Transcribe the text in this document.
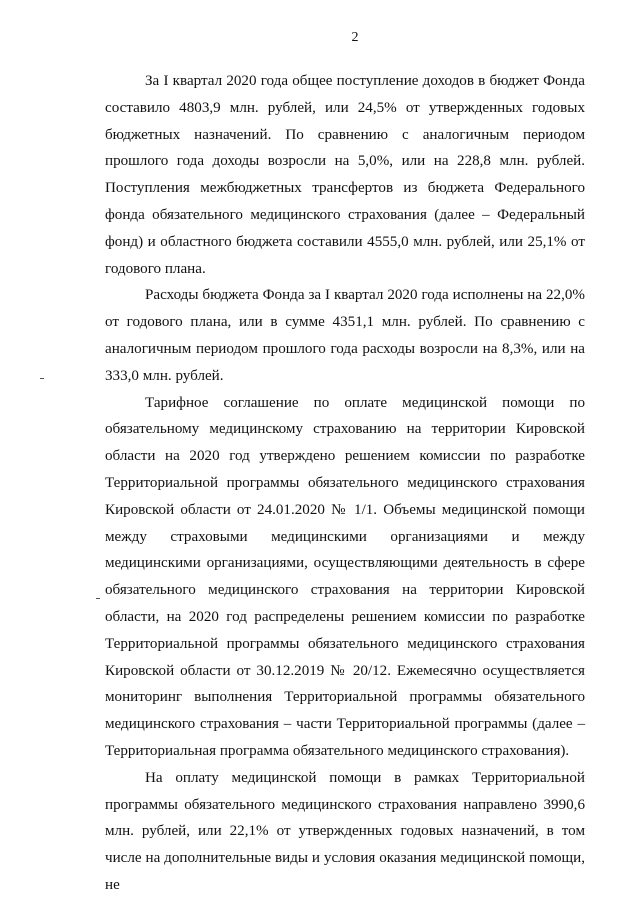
2

За I квартал 2020 года общее поступление доходов в бюджет Фонда составило 4803,9 млн. рублей, или 24,5% от утвержденных годовых бюджетных назначений. По сравнению с аналогичным периодом прошлого года доходы возросли на 5,0%, или на 228,8 млн. рублей. Поступления межбюджетных трансфертов из бюджета Федерального фонда обязательного медицинского страхования (далее – Федеральный фонд) и областного бюджета составили 4555,0 млн. рублей, или 25,1% от годового плана.

Расходы бюджета Фонда за I квартал 2020 года исполнены на 22,0% от годового плана, или в сумме 4351,1 млн. рублей. По сравнению с аналогичным периодом прошлого года расходы возросли на 8,3%, или на 333,0 млн. рублей.

Тарифное соглашение по оплате медицинской помощи по обязательному медицинскому страхованию на территории Кировской области на 2020 год утверждено решением комиссии по разработке Территориальной программы обязательного медицинского страхования Кировской области от 24.01.2020 № 1/1. Объемы медицинской помощи между страховыми медицинскими организациями и между медицинскими организациями, осуществляющими деятельность в сфере обязательного медицинского страхования на территории Кировской области, на 2020 год распределены решением комиссии по разработке Территориальной программы обязательного медицинского страхования Кировской области от 30.12.2019 № 20/12. Ежемесячно осуществляется мониторинг выполнения Территориальной программы обязательного медицинского страхования – части Территориальной программы (далее – Территориальная программа обязательного медицинского страхования).

На оплату медицинской помощи в рамках Территориальной программы обязательного медицинского страхования направлено 3990,6 млн. рублей, или 22,1% от утвержденных годовых назначений, в том числе на дополнительные виды и условия оказания медицинской помощи, не
